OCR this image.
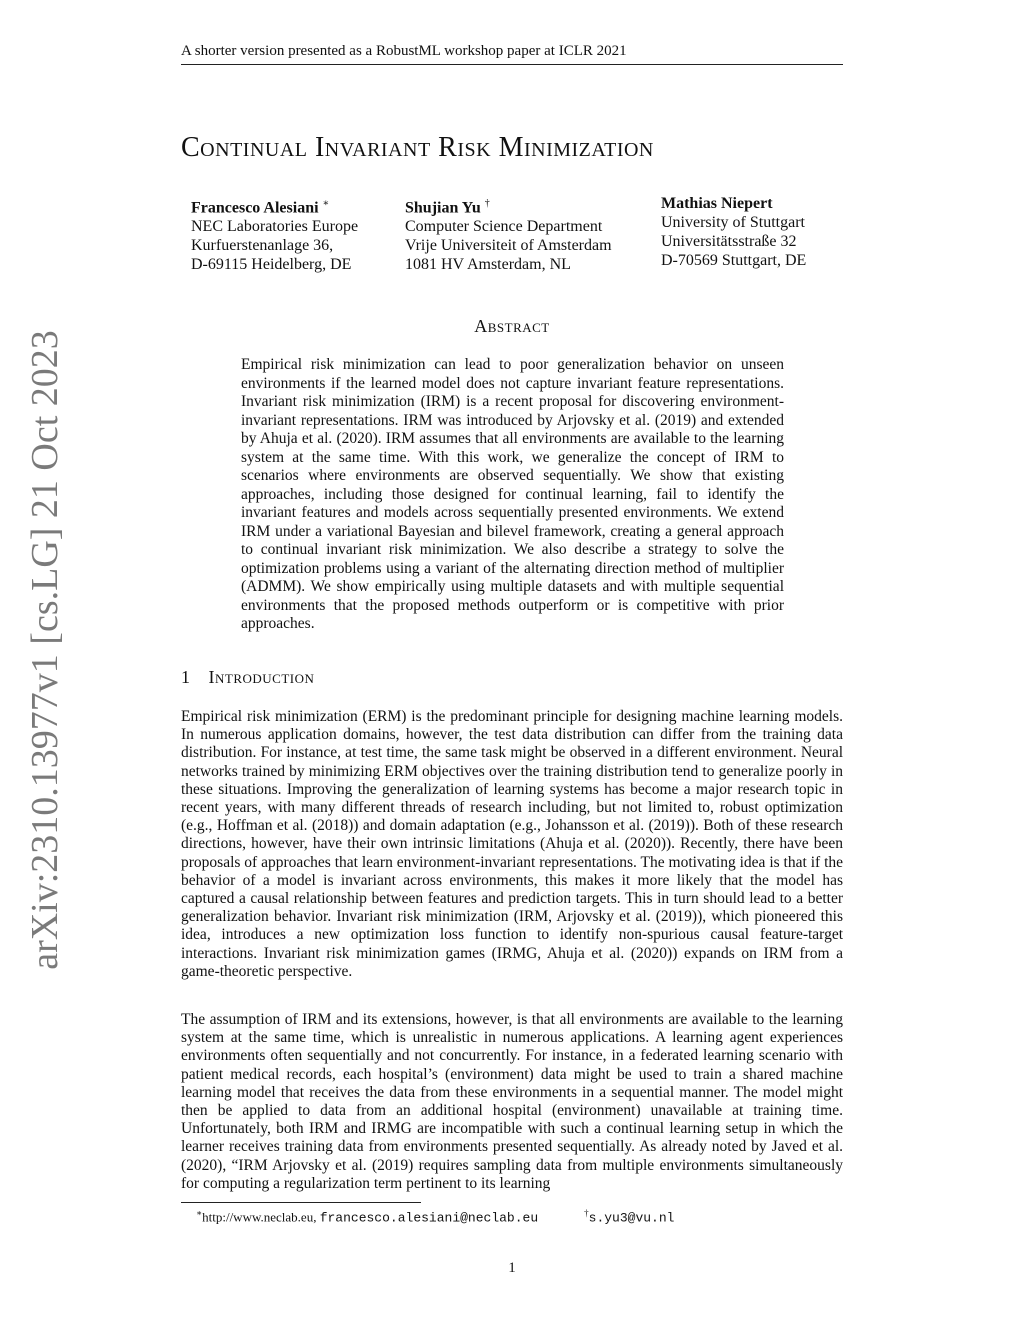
A shorter version presented as a RobustML workshop paper at ICLR 2021
arXiv:2310.13977v1 [cs.LG] 21 Oct 2023
Continual Invariant Risk Minimization
Francesco Alesiani ∗
NEC Laboratories Europe
Kurfuerstenanlage 36,
D-69115 Heidelberg, DE
Shujian Yu †
Computer Science Department
Vrije Universiteit of Amsterdam
1081 HV Amsterdam, NL
Mathias Niepert
University of Stuttgart
Universitätsstraße 32
D-70569 Stuttgart, DE
Abstract

Empirical risk minimization can lead to poor generalization behavior on unseen environments if the learned model does not capture invariant feature representations. Invariant risk minimization (IRM) is a recent proposal for discovering environment-invariant representations. IRM was introduced by Arjovsky et al. (2019) and extended by Ahuja et al. (2020). IRM assumes that all environments are available to the learning system at the same time. With this work, we generalize the concept of IRM to scenarios where environments are observed sequentially. We show that existing approaches, including those designed for continual learning, fail to identify the invariant features and models across sequentially presented environments. We extend IRM under a variational Bayesian and bilevel framework, creating a general approach to continual invariant risk minimization. We also describe a strategy to solve the optimization problems using a variant of the alternating direction method of multiplier (ADMM). We show empirically using multiple datasets and with multiple sequential environments that the proposed methods outperform or is competitive with prior approaches.

1 Introduction

Empirical risk minimization (ERM) is the predominant principle for designing machine learning models. In numerous application domains, however, the test data distribution can differ from the training data distribution. For instance, at test time, the same task might be observed in a different environment. Neural networks trained by minimizing ERM objectives over the training distribution tend to generalize poorly in these situations. Improving the generalization of learning systems has become a major research topic in recent years, with many different threads of research including, but not limited to, robust optimization (e.g., Hoffman et al. (2018)) and domain adaptation (e.g., Johansson et al. (2019)). Both of these research directions, however, have their own intrinsic limitations (Ahuja et al. (2020)). Recently, there have been proposals of approaches that learn environment-invariant representations. The motivating idea is that if the behavior of a model is invariant across environments, this makes it more likely that the model has captured a causal relationship between features and prediction targets. This in turn should lead to a better generalization behavior. Invariant risk minimization (IRM, Arjovsky et al. (2019)), which pioneered this idea, introduces a new optimization loss function to identify non-spurious causal feature-target interactions. Invariant risk minimization games (IRMG, Ahuja et al. (2020)) expands on IRM from a game-theoretic perspective.

The assumption of IRM and its extensions, however, is that all environments are available to the learning system at the same time, which is unrealistic in numerous applications. A learning agent experiences environments often sequentially and not concurrently. For instance, in a federated learning scenario with patient medical records, each hospital’s (environment) data might be used to train a shared machine learning model that receives the data from these environments in a sequential manner. The model might then be applied to data from an additional hospital (environment) unavailable at training time. Unfortunately, both IRM and IRMG are incompatible with such a continual learning setup in which the learner receives training data from environments presented sequentially. As already noted by Javed et al. (2020), “IRM Arjovsky et al. (2019) requires sampling data from multiple environments simultaneously for computing a regularization term pertinent to its learning

∗http://www.neclab.eu, francesco.alesiani@neclab.eu	†s.yu3@vu.nl
1
